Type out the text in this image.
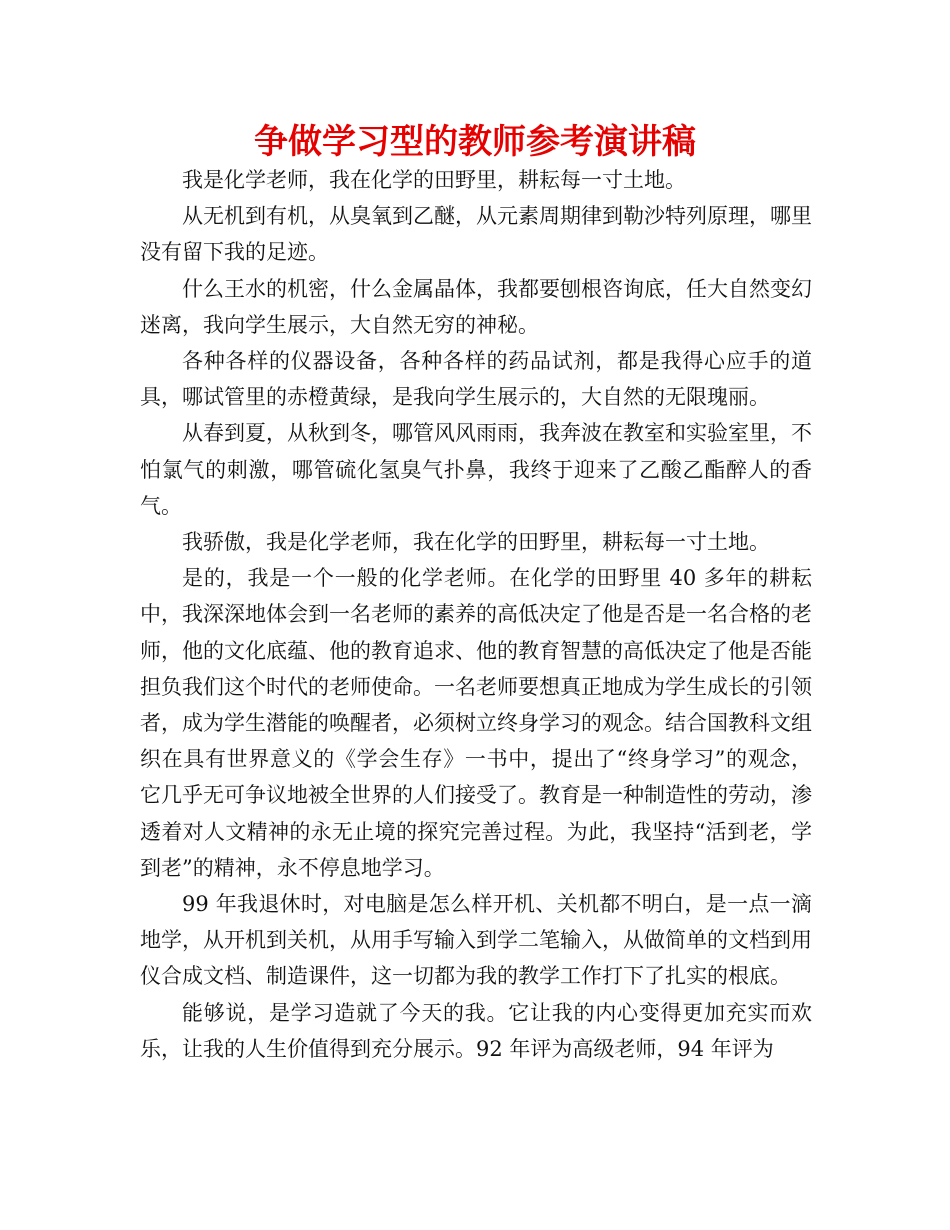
争做学习型的教师参考演讲稿

我是化学老师，我在化学的田野里，耕耘每一寸土地。

从无机到有机，从臭氧到乙醚，从元素周期律到勒沙特列原理，哪里没有留下我的足迹。

什么王水的机密，什么金属晶体，我都要刨根咨询底，任大自然变幻迷离，我向学生展示，大自然无穷的神秘。

各种各样的仪器设备，各种各样的药品试剂，都是我得心应手的道具，哪试管里的赤橙黄绿，是我向学生展示的，大自然的无限瑰丽。

从春到夏，从秋到冬，哪管风风雨雨，我奔波在教室和实验室里，不怕氯气的刺激，哪管硫化氢臭气扑鼻，我终于迎来了乙酸乙酯醉人的香气。

我骄傲，我是化学老师，我在化学的田野里，耕耘每一寸土地。

是的，我是一个一般的化学老师。在化学的田野里 40 多年的耕耘中，我深深地体会到一名老师的素养的高低决定了他是否是一名合格的老师，他的文化底蕴、他的教育追求、他的教育智慧的高低决定了他是否能担负我们这个时代的老师使命。一名老师要想真正地成为学生成长的引领者，成为学生潜能的唤醒者，必须树立终身学习的观念。结合国教科文组织在具有世界意义的《学会生存》一书中，提出了“终身学习”的观念，它几乎无可争议地被全世界的人们接受了。教育是一种制造性的劳动，渗透着对人文精神的永无止境的探究完善过程。为此，我坚持“活到老，学到老”的精神，永不停息地学习。

99 年我退休时，对电脑是怎么样开机、关机都不明白，是一点一滴地学，从开机到关机，从用手写输入到学二笔输入，从做简单的文档到用仪合成文档、制造课件，这一切都为我的教学工作打下了扎实的根底。

能够说，是学习造就了今天的我。它让我的内心变得更加充实而欢乐，让我的人生价值得到充分展示。92 年评为高级老师，94 年评为
